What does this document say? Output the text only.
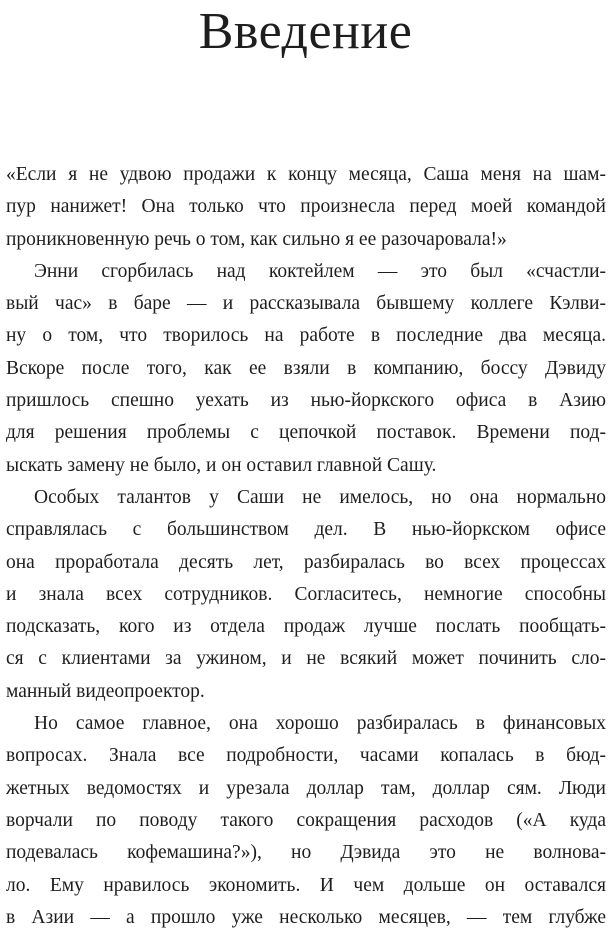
Введение

«Если я не удвою продажи к концу месяца, Саша меня на шам-
пур нанижет! Она только что произнесла перед моей командой
проникновенную речь о том, как сильно я ее разочаровала!»

Энни сгорбилась над коктейлем — это был «счастли-
вый час» в баре — и рассказывала бывшему коллеге Кэлви-
ну о том, что творилось на работе в последние два месяца.
Вскоре после того, как ее взяли в компанию, боссу Дэвиду
пришлось спешно уехать из нью-йоркского офиса в Азию
для решения проблемы с цепочкой поставок. Времени под-
ыскать замену не было, и он оставил главной Сашу.

Особых талантов у Саши не имелось, но она нормально
справлялась с большинством дел. В нью-йоркском офисе
она проработала десять лет, разбиралась во всех процессах
и знала всех сотрудников. Согласитесь, немногие способны
подсказать, кого из отдела продаж лучше послать пообщать-
ся с клиентами за ужином, и не всякий может починить сло-
манный видеопроектор.

Но самое главное, она хорошо разбиралась в финансовых
вопросах. Знала все подробности, часами копалась в бюд-
жетных ведомостях и урезала доллар там, доллар сям. Люди
ворчали по поводу такого сокращения расходов («А куда
подевалась кофемашина?»), но Дэвида это не волнова-
ло. Ему нравилось экономить. И чем дольше он оставался
в Азии — а прошло уже несколько месяцев, — тем глубже
